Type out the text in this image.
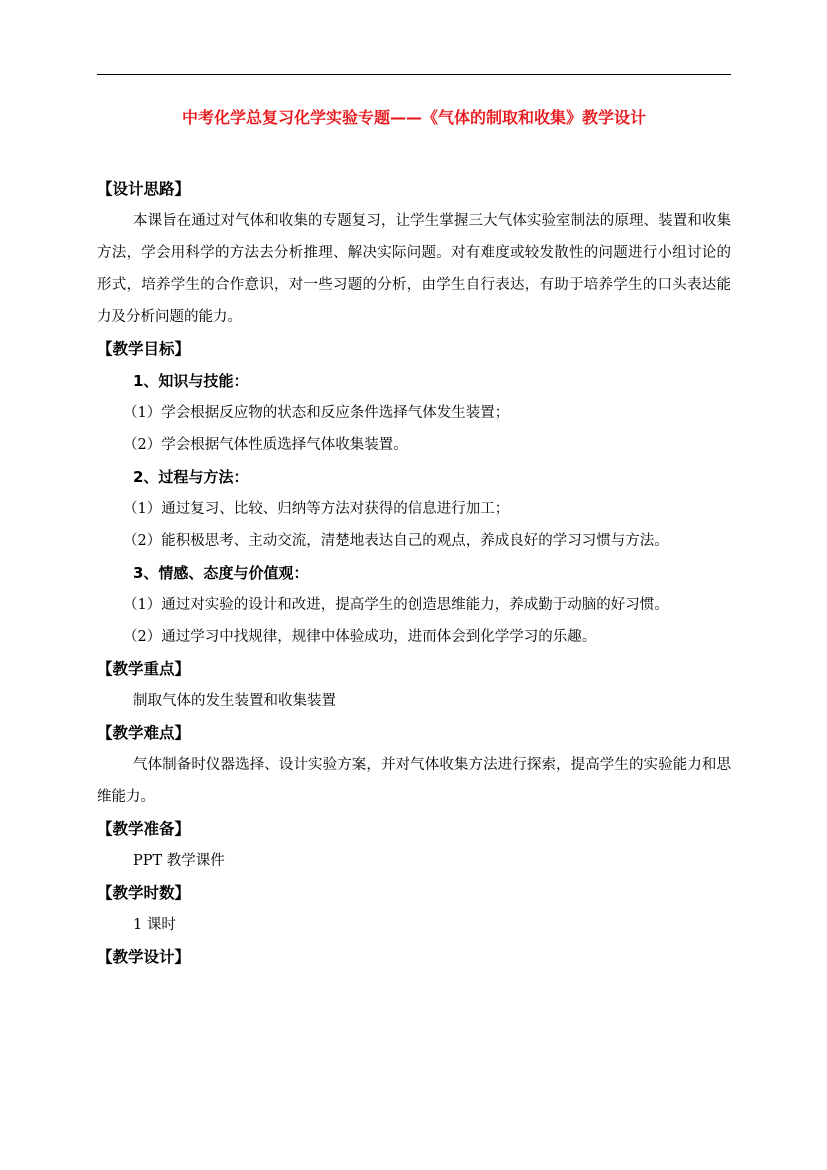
中考化学总复习化学实验专题——《气体的制取和收集》教学设计
【设计思路】
本课旨在通过对气体和收集的专题复习，让学生掌握三大气体实验室制法的原理、装置和收集方法，学会用科学的方法去分析推理、解决实际问题。对有难度或较发散性的问题进行小组讨论的形式，培养学生的合作意识，对一些习题的分析，由学生自行表达，有助于培养学生的口头表达能力及分析问题的能力。
【教学目标】
1、知识与技能：
（1）学会根据反应物的状态和反应条件选择气体发生装置；
（2）学会根据气体性质选择气体收集装置。
2、过程与方法：
（1）通过复习、比较、归纳等方法对获得的信息进行加工；
（2）能积极思考、主动交流，清楚地表达自己的观点，养成良好的学习习惯与方法。
3、情感、态度与价值观：
（1）通过对实验的设计和改进，提高学生的创造思维能力，养成勤于动脑的好习惯。
（2）通过学习中找规律，规律中体验成功，进而体会到化学学习的乐趣。
【教学重点】
制取气体的发生装置和收集装置
【教学难点】
气体制备时仪器选择、设计实验方案，并对气体收集方法进行探索，提高学生的实验能力和思维能力。
【教学准备】
PPT 教学课件
【教学时数】
1 课时
【教学设计】
